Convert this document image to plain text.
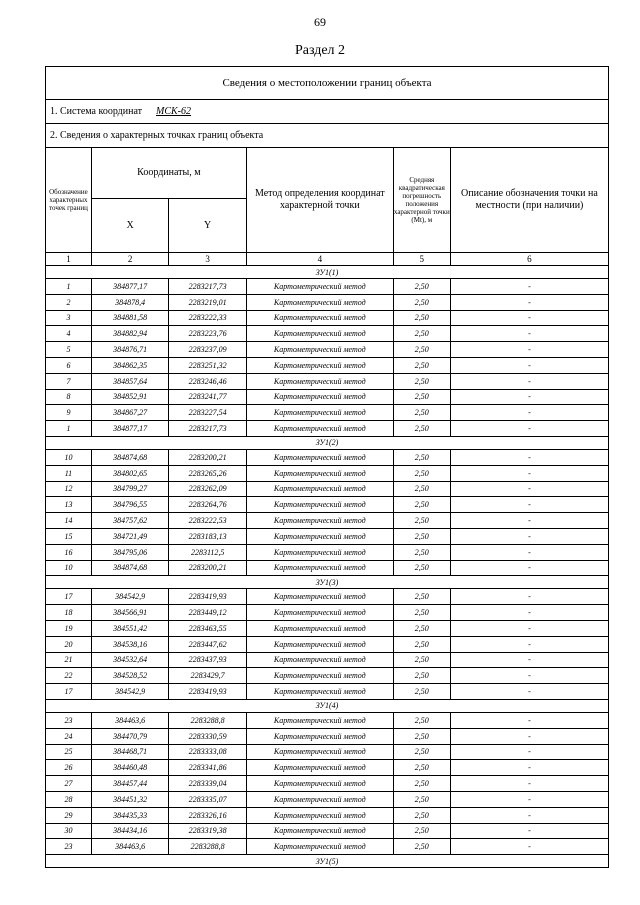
69
Раздел 2
Сведения о местоположении границ объекта					
1. Система координат МСК-62					
2. Сведения о характерных точках границ объекта					
Обозначение характерных точек границ	Координаты, м		Метод определения координат характерной точки	Средняя квадратическая погрешность положения характерной точки (Mt), м	Описание обозначения точки на местности (при наличии)
	X	Y			
1	2	3	4	5	6
ЗУ1(1)					
1	384877,17	2283217,73	Картометрический метод	2,50	-
2	384878,4	2283219,01	Картометрический метод	2,50	-
3	384881,58	2283222,33	Картометрический метод	2,50	-
4	384882,94	2283223,76	Картометрический метод	2,50	-
5	384876,71	2283237,09	Картометрический метод	2,50	-
6	384862,35	2283251,32	Картометрический метод	2,50	-
7	384857,64	2283246,46	Картометрический метод	2,50	-
8	384852,91	2283241,77	Картометрический метод	2,50	-
9	384867,27	2283227,54	Картометрический метод	2,50	-
1	384877,17	2283217,73	Картометрический метод	2,50	-
ЗУ1(2)					
10	384874,68	2283200,21	Картометрический метод	2,50	-
11	384802,65	2283265,26	Картометрический метод	2,50	-
12	384799,27	2283262,09	Картометрический метод	2,50	-
13	384796,55	2283264,76	Картометрический метод	2,50	-
14	384757,62	2283222,53	Картометрический метод	2,50	-
15	384721,49	2283183,13	Картометрический метод	2,50	-
16	384795,06	2283112,5	Картометрический метод	2,50	-
10	384874,68	2283200,21	Картометрический метод	2,50	-
ЗУ1(3)					
17	384542,9	2283419,93	Картометрический метод	2,50	-
18	384566,91	2283449,12	Картометрический метод	2,50	-
19	384551,42	2283463,55	Картометрический метод	2,50	-
20	384538,16	2283447,62	Картометрический метод	2,50	-
21	384532,64	2283437,93	Картометрический метод	2,50	-
22	384528,52	2283429,7	Картометрический метод	2,50	-
17	384542,9	2283419,93	Картометрический метод	2,50	-
ЗУ1(4)					
23	384463,6	2283288,8	Картометрический метод	2,50	-
24	384470,79	2283330,59	Картометрический метод	2,50	-
25	384468,71	2283333,08	Картометрический метод	2,50	-
26	384460,48	2283341,86	Картометрический метод	2,50	-
27	384457,44	2283339,04	Картометрический метод	2,50	-
28	384451,32	2283335,07	Картометрический метод	2,50	-
29	384435,33	2283326,16	Картометрический метод	2,50	-
30	384434,16	2283319,38	Картометрический метод	2,50	-
23	384463,6	2283288,8	Картометрический метод	2,50	-
ЗУ1(5)					
